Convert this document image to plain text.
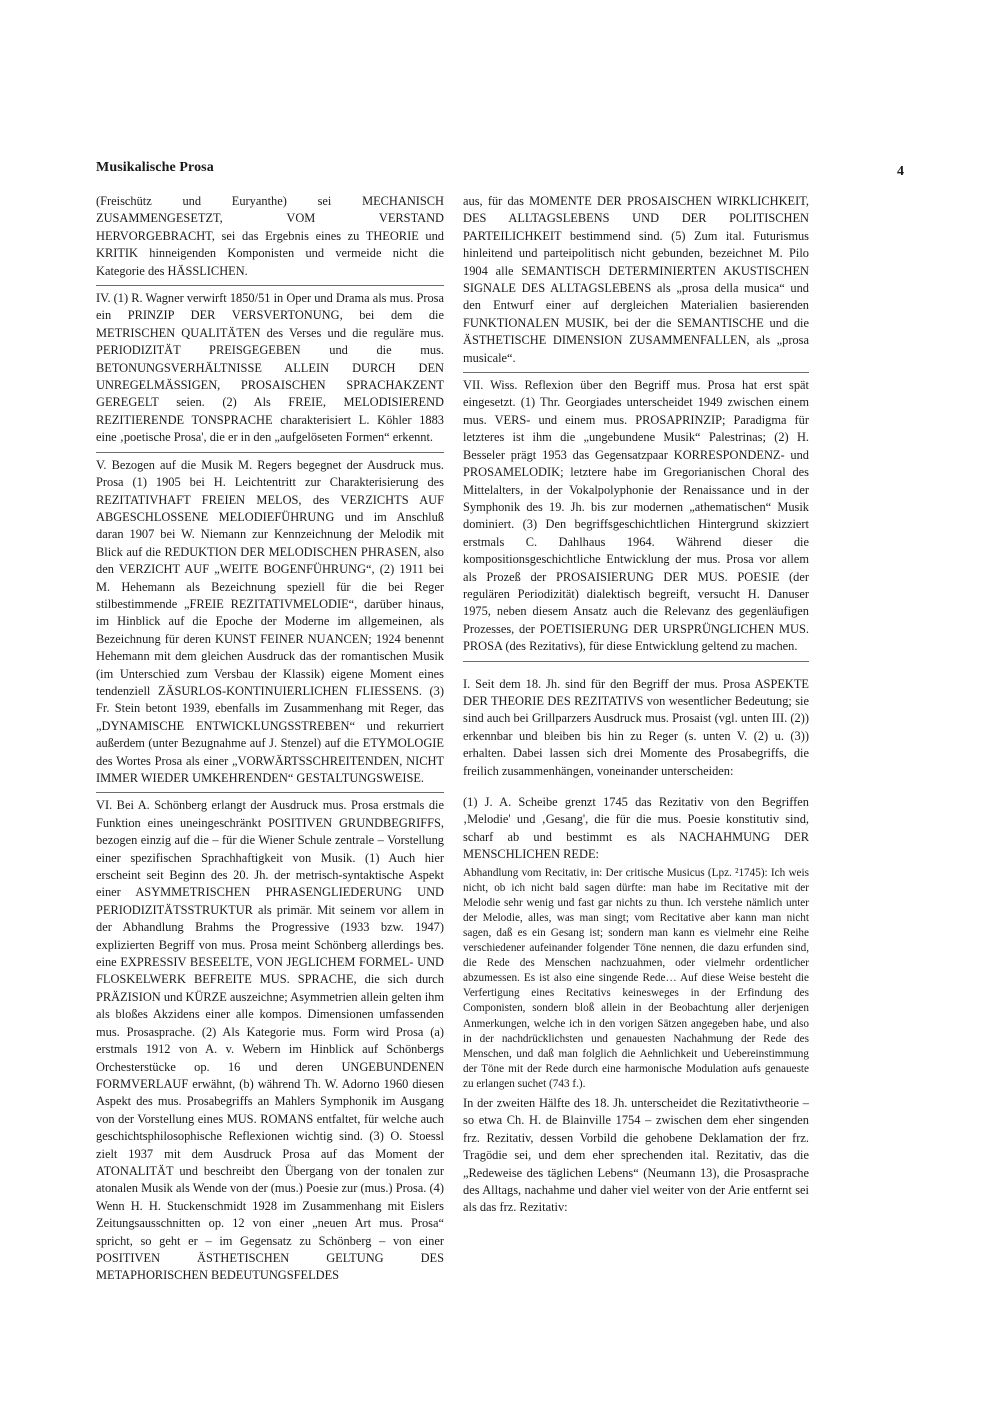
Musikalische Prosa	4

(Freischütz und Euryanthe) sei MECHANISCH ZUSAMMENGESETZT, VOM VERSTAND HERVORGEBRACHT, sei das Ergebnis eines zu THEORIE und KRITIK hinneigenden Komponisten und vermeide nicht die Kategorie des HÄSSLICHEN.

IV. (1) R. Wagner verwirft 1850/51 in Oper und Drama als mus. Prosa ein PRINZIP DER VERSVERTONUNG, bei dem die METRISCHEN QUALITÄTEN des Verses und die reguläre mus. PERIODIZITÄT PREISGEGEBEN und die mus. BETONUNGSVERHÄLTNISSE ALLEIN DURCH DEN UNREGELMÄSSIGEN, PROSAISCHEN SPRACHAKZENT GEREGELT seien. (2) Als FREIE, MELODISIEREND REZITIERENDE TONSPRACHE charakterisiert L. Köhler 1883 eine ‚poetische Prosa', die er in den „aufgelöseten Formen“ erkennt.

V. Bezogen auf die Musik M. Regers begegnet der Ausdruck mus. Prosa (1) 1905 bei H. Leichtentritt zur Charakterisierung des REZITATIVHAFT FREIEN MELOS, des VERZICHTS AUF ABGESCHLOSSENE MELODIEFÜHRUNG und im Anschluß daran 1907 bei W. Niemann zur Kennzeichnung der Melodik mit Blick auf die REDUKTION DER MELODISCHEN PHRASEN, also den VERZICHT AUF „WEITE BOGENFÜHRUNG“, (2) 1911 bei M. Hehemann als Bezeichnung speziell für die bei Reger stilbestimmende „FREIE REZITATIVMELODIE“, darüber hinaus, im Hinblick auf die Epoche der Moderne im allgemeinen, als Bezeichnung für deren KUNST FEINER NUANCEN; 1924 benennt Hehemann mit dem gleichen Ausdruck das der romantischen Musik (im Unterschied zum Versbau der Klassik) eigene Moment eines tendenziell ZÄSURLOS-KONTINUIERLICHEN FLIESSENS. (3) Fr. Stein betont 1939, ebenfalls im Zusammenhang mit Reger, das „DYNAMISCHE ENTWICKLUNGSSTREBEN“ und rekurriert außerdem (unter Bezugnahme auf J. Stenzel) auf die ETYMOLOGIE des Wortes Prosa als einer „VORWÄRTSSCHREITENDEN, NICHT IMMER WIEDER UMKEHRENDEN“ GESTALTUNGSWEISE.

VI. Bei A. Schönberg erlangt der Ausdruck mus. Prosa erstmals die Funktion eines uneingeschränkt POSITIVEN GRUNDBEGRIFFS, bezogen einzig auf die – für die Wiener Schule zentrale – Vorstellung einer spezifischen Sprachhaftigkeit von Musik. (1) Auch hier erscheint seit Beginn des 20. Jh. der metrisch-syntaktische Aspekt einer ASYMMETRISCHEN PHRASENGLIEDERUNG UND PERIODIZITÄTSSTRUKTUR als primär. Mit seinem vor allem in der Abhandlung Brahms the Progressive (1933 bzw. 1947) explizierten Begriff von mus. Prosa meint Schönberg allerdings bes. eine EXPRESSIV BESEELTE, VON JEGLICHEM FORMEL- UND FLOSKELWERK BEFREITE MUS. SPRACHE, die sich durch PRÄZISION und KÜRZE auszeichne; Asymmetrien allein gelten ihm als bloßes Akzidens einer alle kompos. Dimensionen umfassenden mus. Prosasprache. (2) Als Kategorie mus. Form wird Prosa (a) erstmals 1912 von A. v. Webern im Hinblick auf Schönbergs Orchesterstücke op. 16 und deren UNGEBUNDENEN FORMVERLAUF erwähnt, (b) während Th. W. Adorno 1960 diesen Aspekt des mus. Prosabegriffs an Mahlers Symphonik im Ausgang von der Vorstellung eines MUS. ROMANS entfaltet, für welche auch geschichtsphilosophische Reflexionen wichtig sind. (3) O. Stoessl zielt 1937 mit dem Ausdruck Prosa auf das Moment der ATONALITÄT und beschreibt den Übergang von der tonalen zur atonalen Musik als Wende von der (mus.) Poesie zur (mus.) Prosa. (4) Wenn H. H. Stuckenschmidt 1928 im Zusammenhang mit Eislers Zeitungsausschnitten op. 12 von einer „neuen Art mus. Prosa“ spricht, so geht er – im Gegensatz zu Schönberg – von einer POSITIVEN ÄSTHETISCHEN GELTUNG DES METAPHORISCHEN BEDEUTUNGSFELDES

aus, für das MOMENTE DER PROSAISCHEN WIRKLICHKEIT, DES ALLTAGSLEBENS UND DER POLITISCHEN PARTEILICHKEIT bestimmend sind. (5) Zum ital. Futurismus hinleitend und parteipolitisch nicht gebunden, bezeichnet M. Pilo 1904 alle SEMANTISCH DETERMINIERTEN AKUSTISCHEN SIGNALE DES ALLTAGSLEBENS als „prosa della musica“ und den Entwurf einer auf dergleichen Materialien basierenden FUNKTIONALEN MUSIK, bei der die SEMANTISCHE und die ÄSTHETISCHE DIMENSION ZUSAMMENFALLEN, als „prosa musicale“.

VII. Wiss. Reflexion über den Begriff mus. Prosa hat erst spät eingesetzt. (1) Thr. Georgiades unterscheidet 1949 zwischen einem mus. VERS- und einem mus. PROSAPRINZIP; Paradigma für letzteres ist ihm die „ungebundene Musik“ Palestrinas; (2) H. Besseler prägt 1953 das Gegensatzpaar KORRESPONDENZ- und PROSAMELODIK; letztere habe im Gregorianischen Choral des Mittelalters, in der Vokalpolyphonie der Renaissance und in der Symphonik des 19. Jh. bis zur modernen „athematischen“ Musik dominiert. (3) Den begriffsgeschichtlichen Hintergrund skizziert erstmals C. Dahlhaus 1964. Während dieser die kompositionsgeschichtliche Entwicklung der mus. Prosa vor allem als Prozeß der PROSAISIERUNG DER MUS. POESIE (der regulären Periodizität) dialektisch begreift, versucht H. Danuser 1975, neben diesem Ansatz auch die Relevanz des gegenläufigen Prozesses, der POETISIERUNG DER URSPRÜNGLICHEN MUS. PROSA (des Rezitativs), für diese Entwicklung geltend zu machen.

I. Seit dem 18. Jh. sind für den Begriff der mus. Prosa ASPEKTE DER THEORIE DES REZITATIVS von wesentlicher Bedeutung; sie sind auch bei Grillparzers Ausdruck mus. Prosaist (vgl. unten III. (2)) erkennbar und bleiben bis hin zu Reger (s. unten V. (2) u. (3)) erhalten. Dabei lassen sich drei Momente des Prosabegriffs, die freilich zusammenhängen, voneinander unterscheiden:

(1) J. A. Scheibe grenzt 1745 das Rezitativ von den Begriffen ‚Melodie' und ‚Gesang', die für die mus. Poesie konstitutiv sind, scharf ab und bestimmt es als NACHAHMUNG DER MENSCHLICHEN REDE:

Abhandlung vom Recitativ, in: Der critische Musicus (Lpz. ²1745): Ich weis nicht, ob ich nicht bald sagen dürfte: man habe im Recitative mit der Melodie sehr wenig und fast gar nichts zu thun. Ich verstehe nämlich unter der Melodie, alles, was man singt; vom Recitative aber kann man nicht sagen, daß es ein Gesang ist; sondern man kann es vielmehr eine Reihe verschiedener aufeinander folgender Töne nennen, die dazu erfunden sind, die Rede des Menschen nachzuahmen, oder vielmehr ordentlicher abzumessen. Es ist also eine singende Rede… Auf diese Weise besteht die Verfertigung eines Recitativs keinesweges in der Erfindung des Componisten, sondern bloß allein in der Beobachtung aller derjenigen Anmerkungen, welche ich in den vorigen Sätzen angegeben habe, und also in der nachdrücklichsten und genauesten Nachahmung der Rede des Menschen, und daß man folglich die Aehnlichkeit und Uebereinstimmung der Töne mit der Rede durch eine harmonische Modulation aufs genaueste zu erlangen suchet (743 f.).

In der zweiten Hälfte des 18. Jh. unterscheidet die Rezitativtheorie – so etwa Ch. H. de Blainville 1754 – zwischen dem eher singenden frz. Rezitativ, dessen Vorbild die gehobene Deklamation der frz. Tragödie sei, und dem eher sprechenden ital. Rezitativ, das die „Redeweise des täglichen Lebens“ (Neumann 13), die Prosasprache des Alltags, nachahme und daher viel weiter von der Arie entfernt sei als das frz. Rezitativ:
